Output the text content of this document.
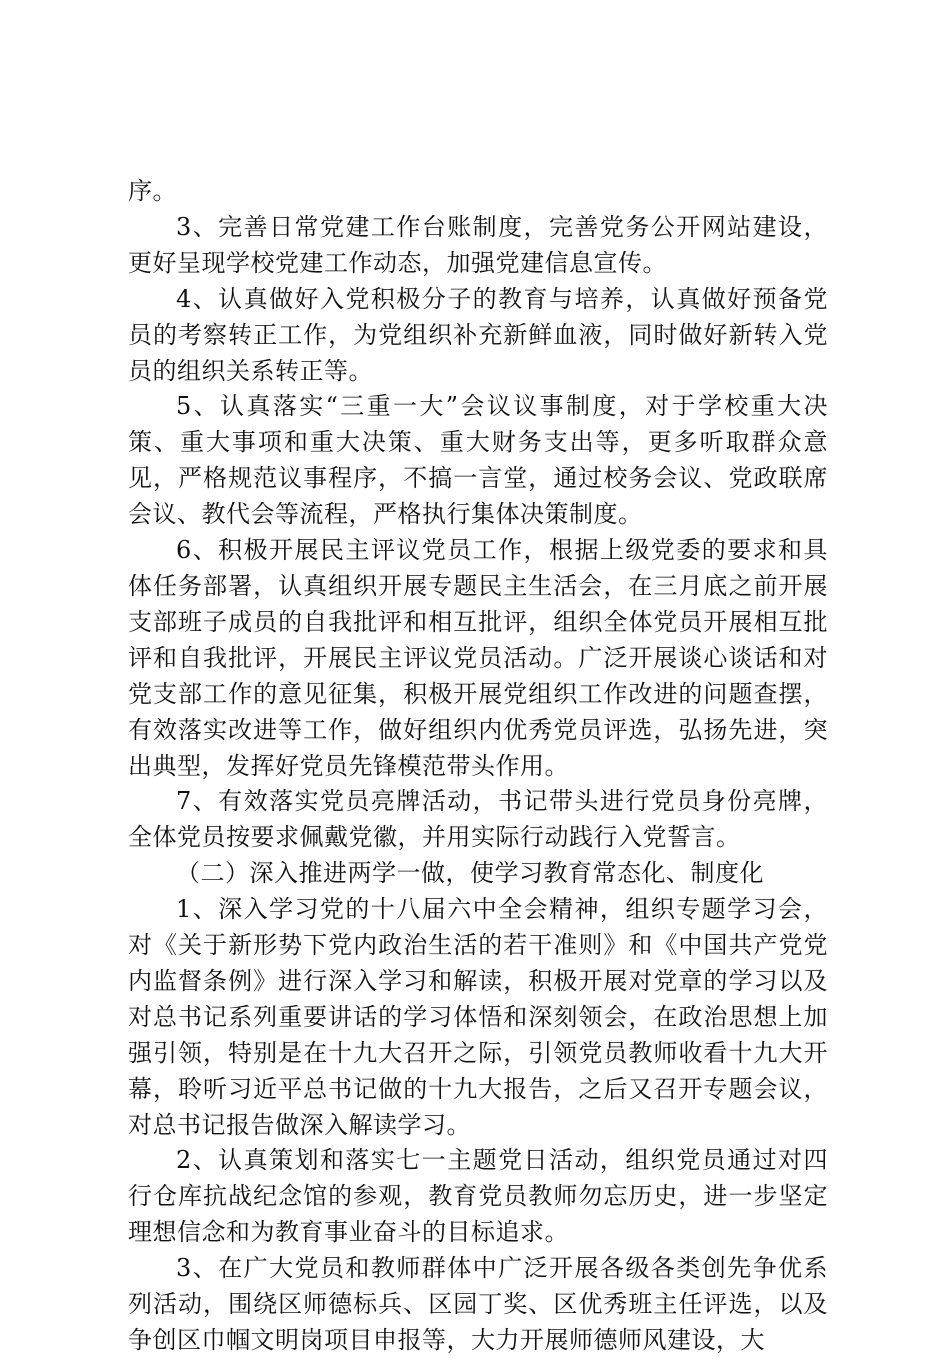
序。

3、完善日常党建工作台账制度，完善党务公开网站建设，更好呈现学校党建工作动态，加强党建信息宣传。

4、认真做好入党积极分子的教育与培养，认真做好预备党员的考察转正工作，为党组织补充新鲜血液，同时做好新转入党员的组织关系转正等。

5、认真落实“三重一大”会议议事制度，对于学校重大决策、重大事项和重大决策、重大财务支出等，更多听取群众意见，严格规范议事程序，不搞一言堂，通过校务会议、党政联席会议、教代会等流程，严格执行集体决策制度。

6、积极开展民主评议党员工作，根据上级党委的要求和具体任务部署，认真组织开展专题民主生活会，在三月底之前开展支部班子成员的自我批评和相互批评，组织全体党员开展相互批评和自我批评，开展民主评议党员活动。广泛开展谈心谈话和对党支部工作的意见征集，积极开展党组织工作改进的问题查摆，有效落实改进等工作，做好组织内优秀党员评选，弘扬先进，突出典型，发挥好党员先锋模范带头作用。

7、有效落实党员亮牌活动，书记带头进行党员身份亮牌，全体党员按要求佩戴党徽，并用实际行动践行入党誓言。

（二）深入推进两学一做，使学习教育常态化、制度化

1、深入学习党的十八届六中全会精神，组织专题学习会，对《关于新形势下党内政治生活的若干准则》和《中国共产党党内监督条例》进行深入学习和解读，积极开展对党章的学习以及对总书记系列重要讲话的学习体悟和深刻领会，在政治思想上加强引领，特别是在十九大召开之际，引领党员教师收看十九大开幕，聆听习近平总书记做的十九大报告，之后又召开专题会议，对总书记报告做深入解读学习。

2、认真策划和落实七一主题党日活动，组织党员通过对四行仓库抗战纪念馆的参观，教育党员教师勿忘历史，进一步坚定理想信念和为教育事业奋斗的目标追求。

3、在广大党员和教师群体中广泛开展各级各类创先争优系列活动，围绕区师德标兵、区园丁奖、区优秀班主任评选，以及争创区巾帼文明岗项目申报等，大力开展师德师风建设，大
